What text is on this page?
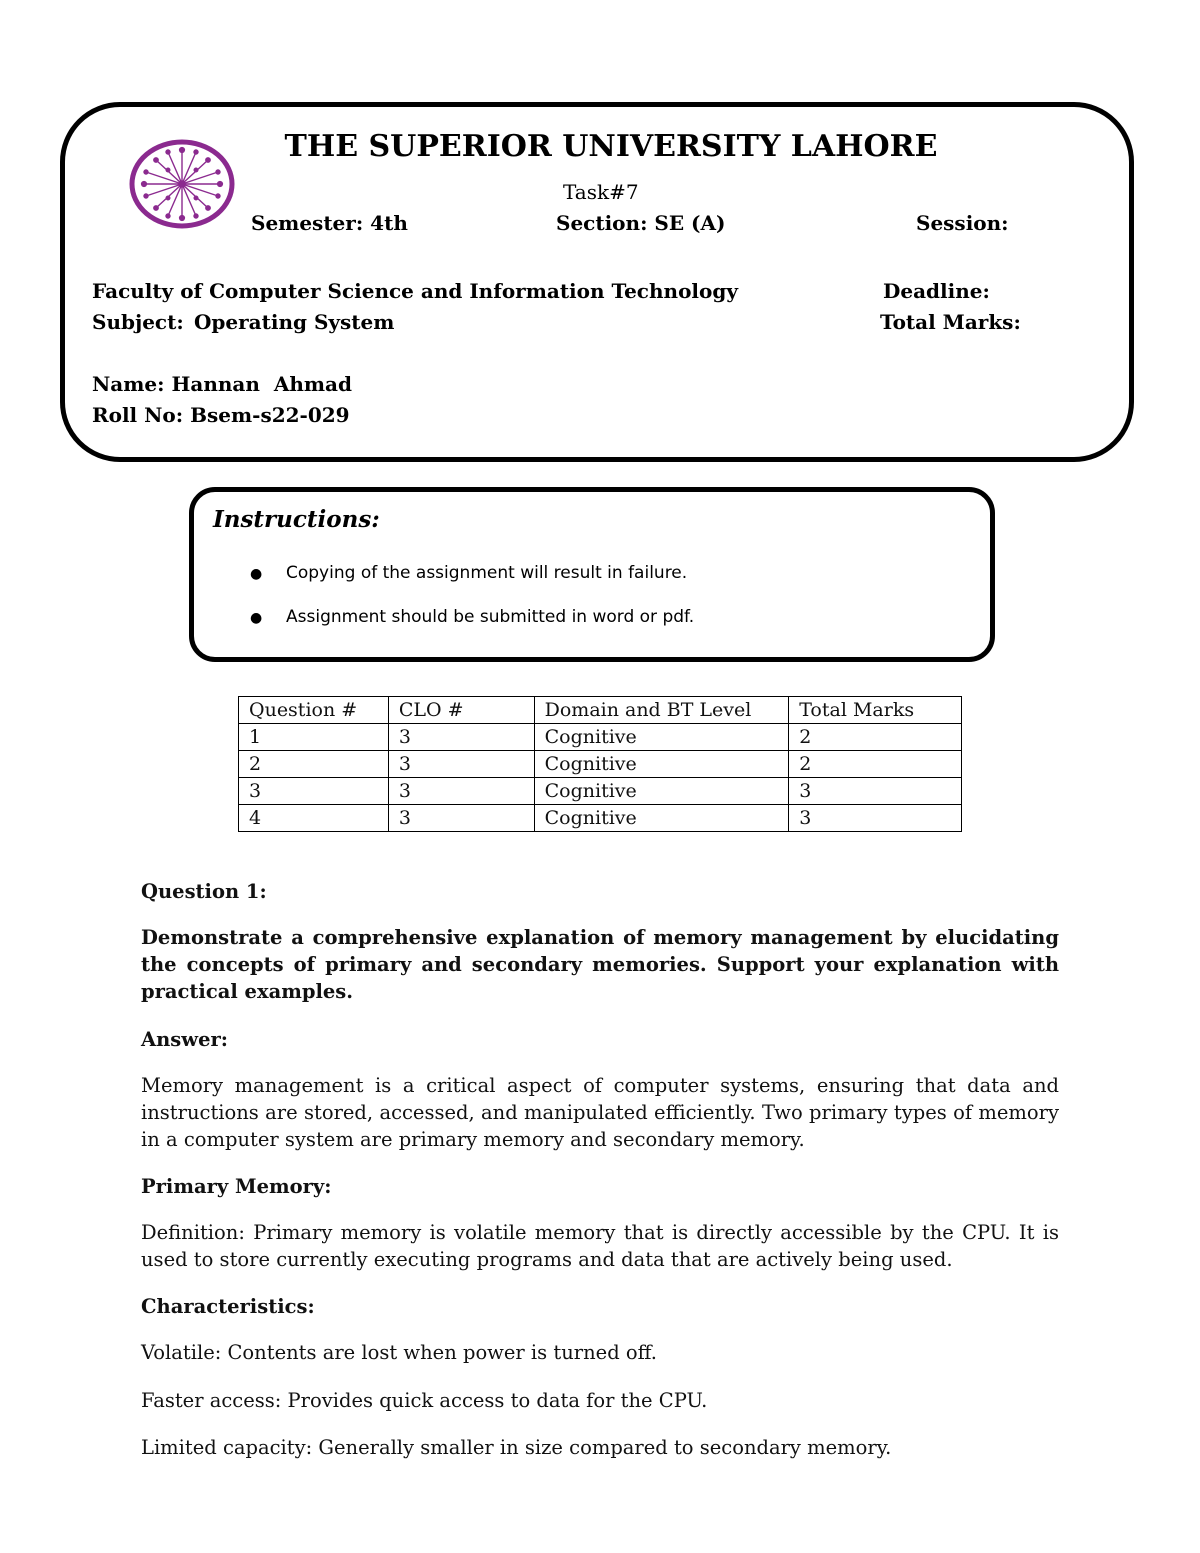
THE SUPERIOR UNIVERSITY LAHORE
Task#7
Semester: 4th	Section: SE (A)	Session:
Faculty of Computer Science and Information Technology	Deadline:
Subject: Operating System	Total Marks:
Name: Hannan  Ahmad
Roll No: Bsem-s22-029
Instructions:
● Copying of the assignment will result in failure.
● Assignment should be submitted in word or pdf.
Question #	CLO #	Domain and BT Level	Total Marks
1	3	Cognitive	2
2	3	Cognitive	2
3	3	Cognitive	3
4	3	Cognitive	3
Question 1:
Demonstrate a comprehensive explanation of memory management by elucidating the concepts of primary and secondary memories. Support your explanation with practical examples.
Answer:
Memory management is a critical aspect of computer systems, ensuring that data and instructions are stored, accessed, and manipulated efficiently. Two primary types of memory in a computer system are primary memory and secondary memory.
Primary Memory:
Definition: Primary memory is volatile memory that is directly accessible by the CPU. It is used to store currently executing programs and data that are actively being used.
Characteristics:
Volatile: Contents are lost when power is turned off.
Faster access: Provides quick access to data for the CPU.
Limited capacity: Generally smaller in size compared to secondary memory.
